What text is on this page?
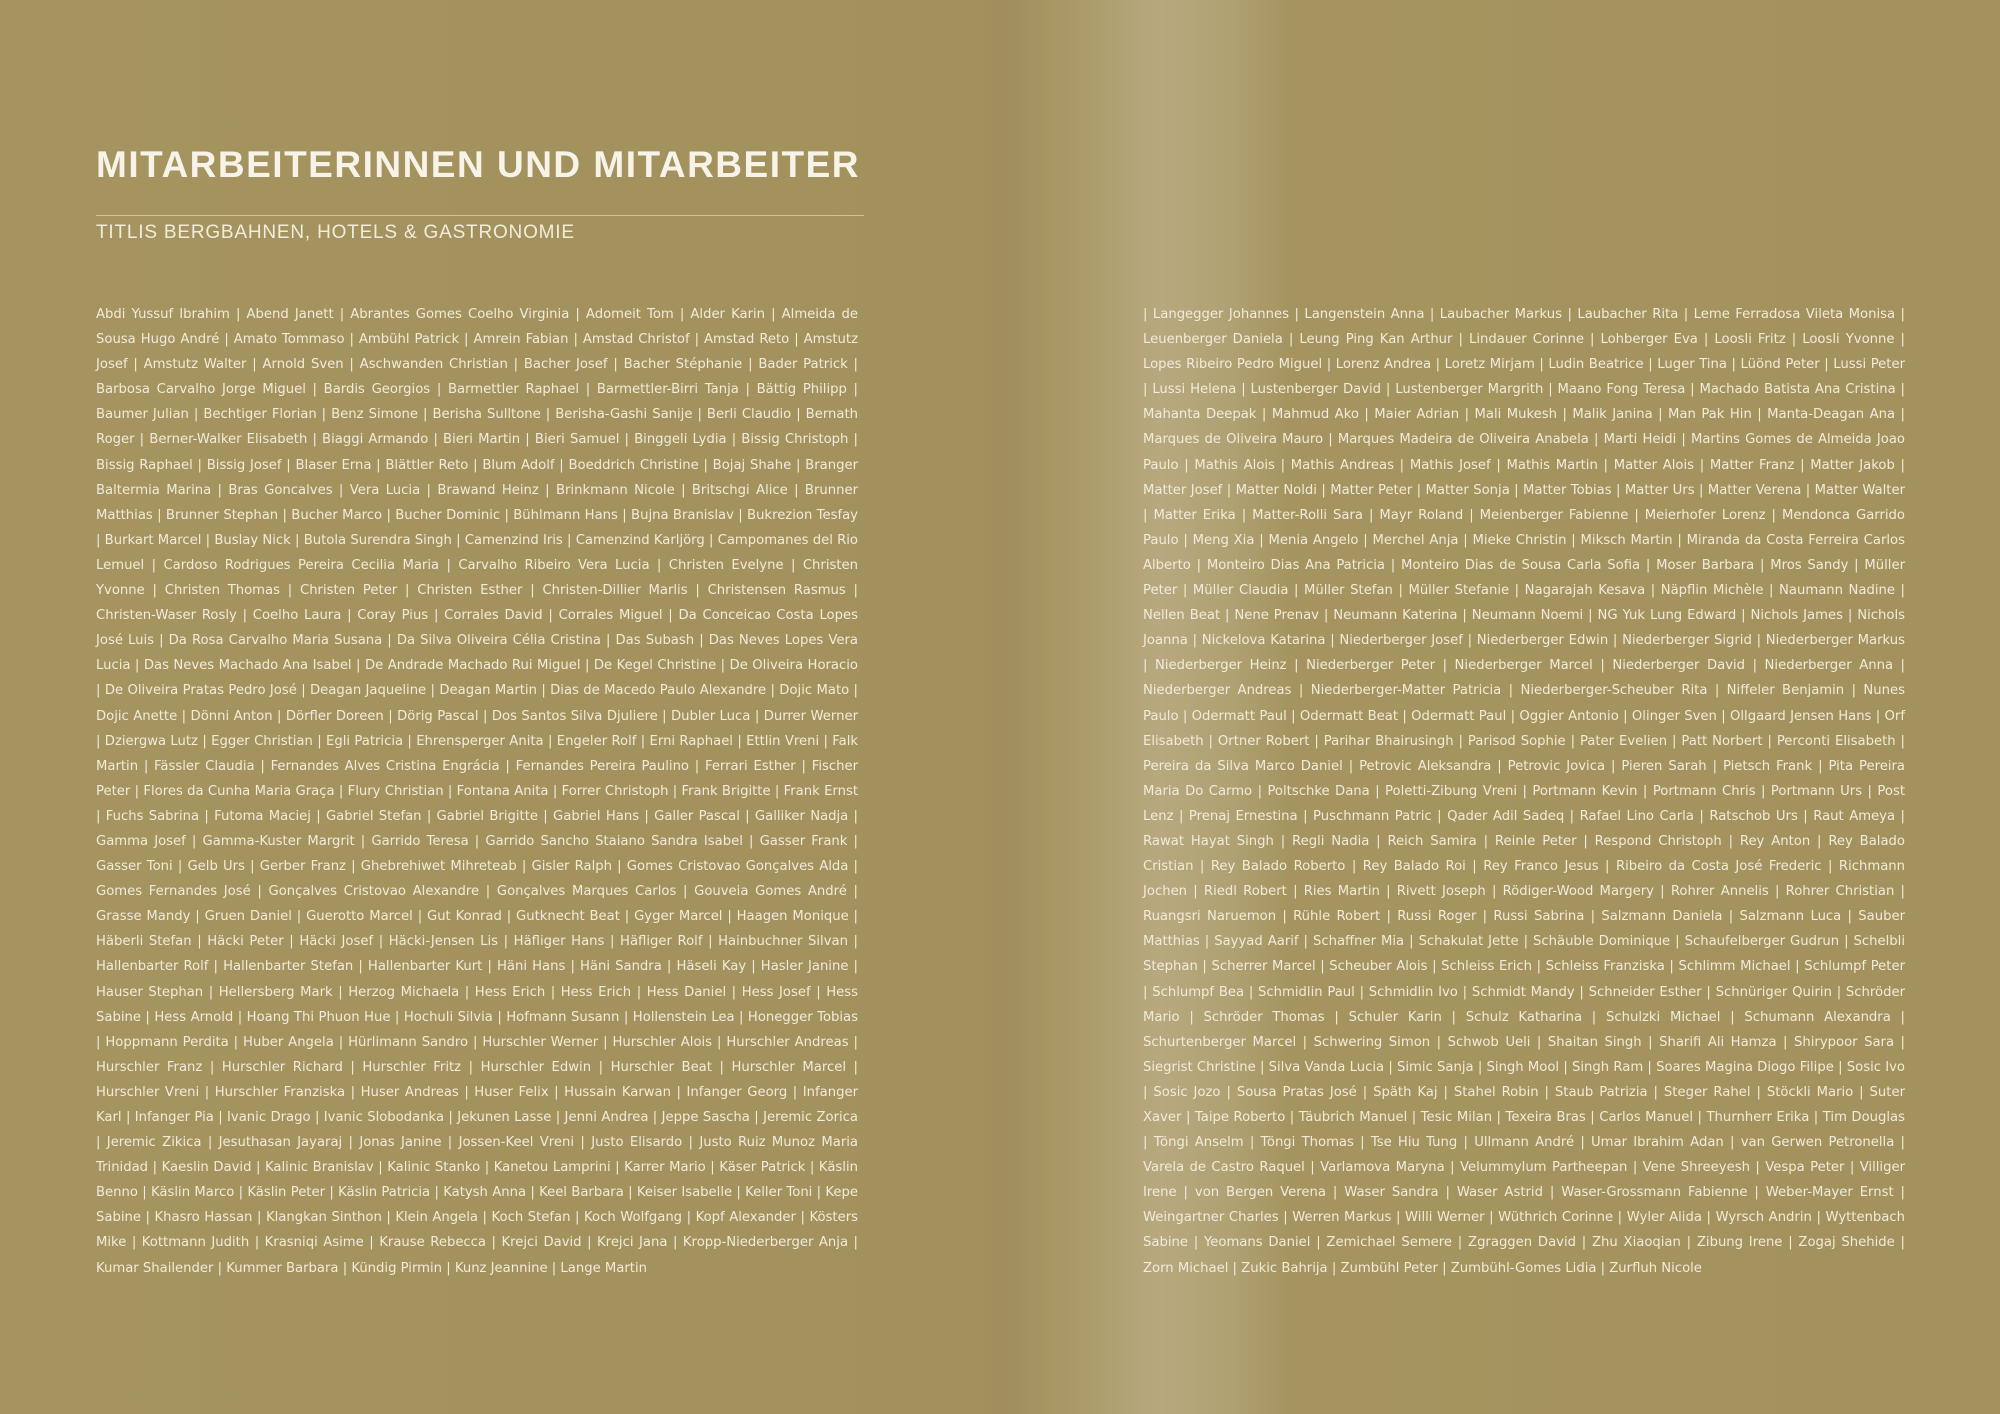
MITARBEITERINNEN UND MITARBEITER
TITLIS BERGBAHNEN, HOTELS & GASTRONOMIE

Abdi Yussuf Ibrahim | Abend Janett | Abrantes Gomes Coelho Virginia | Adomeit Tom | Alder Karin | Almeida de Sousa Hugo André | Amato Tommaso | Ambühl Patrick | Amrein Fabian | Amstad Christof | Amstad Reto | Amstutz Josef | Amstutz Walter | Arnold Sven | Aschwanden Christian | Bacher Josef | Bacher Stéphanie | Bader Patrick | Barbosa Carvalho Jorge Miguel | Bardis Georgios | Barmettler Raphael | Barmettler-Birri Tanja | Bättig Philipp | Baumer Julian | Bechtiger Florian | Benz Simone | Berisha Sulltone | Berisha-Gashi Sanije | Berli Claudio | Bernath Roger | Berner-Walker Elisabeth | Biaggi Armando | Bieri Martin | Bieri Samuel | Binggeli Lydia | Bissig Christoph | Bissig Raphael | Bissig Josef | Blaser Erna | Blättler Reto | Blum Adolf | Boeddrich Christine | Bojaj Shahe | Branger Baltermia Marina | Bras Goncalves | Vera Lucia | Brawand Heinz | Brinkmann Nicole | Britschgi Alice | Brunner Matthias | Brunner Stephan | Bucher Marco | Bucher Dominic | Bühlmann Hans | Bujna Branislav | Bukrezion Tesfay | Burkart Marcel | Buslay Nick | Butola Surendra Singh | Camenzind Iris | Camenzind Karljörg | Campomanes del Rio Lemuel | Cardoso Rodrigues Pereira Cecilia Maria | Carvalho Ribeiro Vera Lucia | Christen Evelyne | Christen Yvonne | Christen Thomas | Christen Peter | Christen Esther | Christen-Dillier Marlis | Christensen Rasmus | Christen-Waser Rosly | Coelho Laura | Coray Pius | Corrales David | Corrales Miguel | Da Conceicao Costa Lopes José Luis | Da Rosa Carvalho Maria Susana | Da Silva Oliveira Célia Cristina | Das Subash | Das Neves Lopes Vera Lucia | Das Neves Machado Ana Isabel | De Andrade Machado Rui Miguel | De Kegel Christine | De Oliveira Horacio | De Oliveira Pratas Pedro José | Deagan Jaqueline | Deagan Martin | Dias de Macedo Paulo Alexandre | Dojic Mato | Dojic Anette | Dönni Anton | Dörfler Doreen | Dörig Pascal | Dos Santos Silva Djuliere | Dubler Luca | Durrer Werner | Dziergwa Lutz | Egger Christian | Egli Patricia | Ehrensperger Anita | Engeler Rolf | Erni Raphael | Ettlin Vreni | Falk Martin | Fässler Claudia | Fernandes Alves Cristina Engrácia | Fernandes Pereira Paulino | Ferrari Esther | Fischer Peter | Flores da Cunha Maria Graça | Flury Christian | Fontana Anita | Forrer Christoph | Frank Brigitte | Frank Ernst | Fuchs Sabrina | Futoma Maciej | Gabriel Stefan | Gabriel Brigitte | Gabriel Hans | Galler Pascal | Galliker Nadja | Gamma Josef | Gamma-Kuster Margrit | Garrido Teresa | Garrido Sancho Staiano Sandra Isabel | Gasser Frank | Gasser Toni | Gelb Urs | Gerber Franz | Ghebrehiwet Mihreteab | Gisler Ralph | Gomes Cristovao Gonçalves Alda | Gomes Fernandes José | Gonçalves Cristovao Alexandre | Gonçalves Marques Carlos | Gouveia Gomes André | Grasse Mandy | Gruen Daniel | Guerotto Marcel | Gut Konrad | Gutknecht Beat | Gyger Marcel | Haagen Monique | Häberli Stefan | Häcki Peter | Häcki Josef | Häcki-Jensen Lis | Häfliger Hans | Häfliger Rolf | Hainbuchner Silvan | Hallenbarter Rolf | Hallenbarter Stefan | Hallenbarter Kurt | Häni Hans | Häni Sandra | Häseli Kay | Hasler Janine | Hauser Stephan | Hellersberg Mark | Herzog Michaela | Hess Erich | Hess Erich | Hess Daniel | Hess Josef | Hess Sabine | Hess Arnold | Hoang Thi Phuon Hue | Hochuli Silvia | Hofmann Susann | Hollenstein Lea | Honegger Tobias | Hoppmann Perdita | Huber Angela | Hürlimann Sandro | Hurschler Werner | Hurschler Alois | Hurschler Andreas | Hurschler Franz | Hurschler Richard | Hurschler Fritz | Hurschler Edwin | Hurschler Beat | Hurschler Marcel | Hurschler Vreni | Hurschler Franziska | Huser Andreas | Huser Felix | Hussain Karwan | Infanger Georg | Infanger Karl | Infanger Pia | Ivanic Drago | Ivanic Slobodanka | Jekunen Lasse | Jenni Andrea | Jeppe Sascha | Jeremic Zorica | Jeremic Zikica | Jesuthasan Jayaraj | Jonas Janine | Jossen-Keel Vreni | Justo Elisardo | Justo Ruiz Munoz Maria Trinidad | Kaeslin David | Kalinic Branislav | Kalinic Stanko | Kanetou Lamprini | Karrer Mario | Käser Patrick | Käslin Benno | Käslin Marco | Käslin Peter | Käslin Patricia | Katysh Anna | Keel Barbara | Keiser Isabelle | Keller Toni | Kepe Sabine | Khasro Hassan | Klangkan Sinthon | Klein Angela | Koch Stefan | Koch Wolfgang | Kopf Alexander | Kösters Mike | Kottmann Judith | Krasniqi Asime | Krause Rebecca | Krejci David | Krejci Jana | Kropp-Niederberger Anja | Kumar Shailender | Kummer Barbara | Kündig Pirmin | Kunz Jeannine | Lange Martin

| Langegger Johannes | Langenstein Anna | Laubacher Markus | Laubacher Rita | Leme Ferradosa Vileta Monisa | Leuenberger Daniela | Leung Ping Kan Arthur | Lindauer Corinne | Lohberger Eva | Loosli Fritz | Loosli Yvonne | Lopes Ribeiro Pedro Miguel | Lorenz Andrea | Loretz Mirjam | Ludin Beatrice | Luger Tina | Lüönd Peter | Lussi Peter | Lussi Helena | Lustenberger David | Lustenberger Margrith | Maano Fong Teresa | Machado Batista Ana Cristina | Mahanta Deepak | Mahmud Ako | Maier Adrian | Mali Mukesh | Malik Janina | Man Pak Hin | Manta-Deagan Ana | Marques de Oliveira Mauro | Marques Madeira de Oliveira Anabela | Marti Heidi | Martins Gomes de Almeida Joao Paulo | Mathis Alois | Mathis Andreas | Mathis Josef | Mathis Martin | Matter Alois | Matter Franz | Matter Jakob | Matter Josef | Matter Noldi | Matter Peter | Matter Sonja | Matter Tobias | Matter Urs | Matter Verena | Matter Walter | Matter Erika | Matter-Rolli Sara | Mayr Roland | Meienberger Fabienne | Meierhofer Lorenz | Mendonca Garrido Paulo | Meng Xia | Menia Angelo | Merchel Anja | Mieke Christin | Miksch Martin | Miranda da Costa Ferreira Carlos Alberto | Monteiro Dias Ana Patricia | Monteiro Dias de Sousa Carla Sofia | Moser Barbara | Mros Sandy | Müller Peter | Müller Claudia | Müller Stefan | Müller Stefanie | Nagarajah Kesava | Näpflin Michèle | Naumann Nadine | Nellen Beat | Nene Prenav | Neumann Katerina | Neumann Noemi | NG Yuk Lung Edward | Nichols James | Nichols Joanna | Nickelova Katarina | Niederberger Josef | Niederberger Edwin | Niederberger Sigrid | Niederberger Markus | Niederberger Heinz | Niederberger Peter | Niederberger Marcel | Niederberger David | Niederberger Anna | Niederberger Andreas | Niederberger-Matter Patricia | Niederberger-Scheuber Rita | Niffeler Benjamin | Nunes Paulo | Odermatt Paul | Odermatt Beat | Odermatt Paul | Oggier Antonio | Olinger Sven | Ollgaard Jensen Hans | Orf Elisabeth | Ortner Robert | Parihar Bhairusingh | Parisod Sophie | Pater Evelien | Patt Norbert | Perconti Elisabeth | Pereira da Silva Marco Daniel | Petrovic Aleksandra | Petrovic Jovica | Pieren Sarah | Pietsch Frank | Pita Pereira Maria Do Carmo | Poltschke Dana | Poletti-Zibung Vreni | Portmann Kevin | Portmann Chris | Portmann Urs | Post Lenz | Prenaj Ernestina | Puschmann Patric | Qader Adil Sadeq | Rafael Lino Carla | Ratschob Urs | Raut Ameya | Rawat Hayat Singh | Regli Nadia | Reich Samira | Reinle Peter | Respond Christoph | Rey Anton | Rey Balado Cristian | Rey Balado Roberto | Rey Balado Roi | Rey Franco Jesus | Ribeiro da Costa José Frederic | Richmann Jochen | Riedl Robert | Ries Martin | Rivett Joseph | Rödiger-Wood Margery | Rohrer Annelis | Rohrer Christian | Ruangsri Naruemon | Rühle Robert | Russi Roger | Russi Sabrina | Salzmann Daniela | Salzmann Luca | Sauber Matthias | Sayyad Aarif | Schaffner Mia | Schakulat Jette | Schäuble Dominique | Schaufelberger Gudrun | Schelbli Stephan | Scherrer Marcel | Scheuber Alois | Schleiss Erich | Schleiss Franziska | Schlimm Michael | Schlumpf Peter | Schlumpf Bea | Schmidlin Paul | Schmidlin Ivo | Schmidt Mandy | Schneider Esther | Schnüriger Quirin | Schröder Mario | Schröder Thomas | Schuler Karin | Schulz Katharina | Schulzki Michael | Schumann Alexandra | Schurtenberger Marcel | Schwering Simon | Schwob Ueli | Shaitan Singh | Sharifi Ali Hamza | Shirypoor Sara | Siegrist Christine | Silva Vanda Lucia | Simic Sanja | Singh Mool | Singh Ram | Soares Magina Diogo Filipe | Sosic Ivo | Sosic Jozo | Sousa Pratas José | Späth Kaj | Stahel Robin | Staub Patrizia | Steger Rahel | Stöckli Mario | Suter Xaver | Taipe Roberto | Täubrich Manuel | Tesic Milan | Texeira Bras | Carlos Manuel | Thurnherr Erika | Tim Douglas | Töngi Anselm | Töngi Thomas | Tse Hiu Tung | Ullmann André | Umar Ibrahim Adan | van Gerwen Petronella | Varela de Castro Raquel | Varlamova Maryna | Velummylum Partheepan | Vene Shreeyesh | Vespa Peter | Villiger Irene | von Bergen Verena | Waser Sandra | Waser Astrid | Waser-Grossmann Fabienne | Weber-Mayer Ernst | Weingartner Charles | Werren Markus | Willi Werner | Wüthrich Corinne | Wyler Alida | Wyrsch Andrin | Wyttenbach Sabine | Yeomans Daniel | Zemichael Semere | Zgraggen David | Zhu Xiaoqian | Zibung Irene | Zogaj Shehide | Zorn Michael | Zukic Bahrija | Zumbühl Peter | Zumbühl-Gomes Lidia | Zurfluh Nicole
